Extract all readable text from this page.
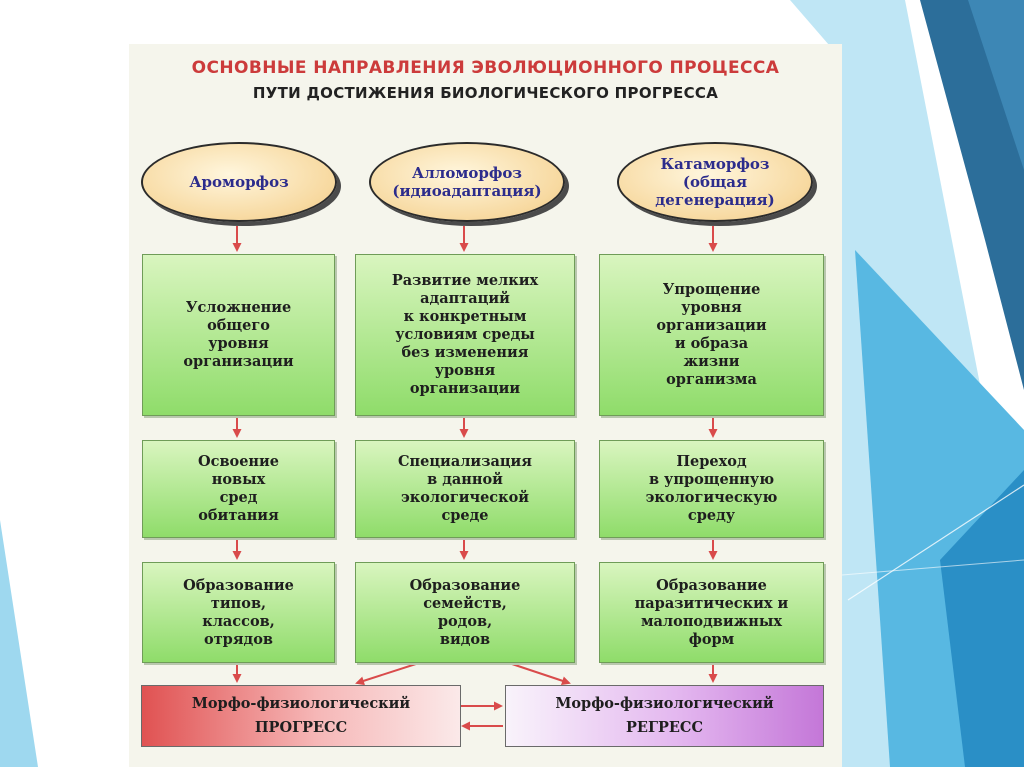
ОСНОВНЫЕ НАПРАВЛЕНИЯ ЭВОЛЮЦИОННОГО ПРОЦЕССА
ПУТИ ДОСТИЖЕНИЯ БИОЛОГИЧЕСКОГО ПРОГРЕССА
Ароморфоз	Алломорфоз
(идиоадаптация)
Катаморфоз
(общая
дегенерация)
Усложнение
общего
уровня
организации
Развитие мелких
адаптаций
к конкретным
условиям среды
без изменения
уровня
организации
Упрощение
уровня
организации
и образа
жизни
организма
Освоение
новых
сред
обитания
Специализация
в данной
экологической
среде
Переход
в упрощенную
экологическую
среду
Образование
типов,
классов,
отрядов
Образование
семейств,
родов,
видов
Образование
паразитических и
малоподвижных
форм
Морфо-физиологический
ПРОГРЕСС
Морфо-физиологический
РЕГРЕСС
